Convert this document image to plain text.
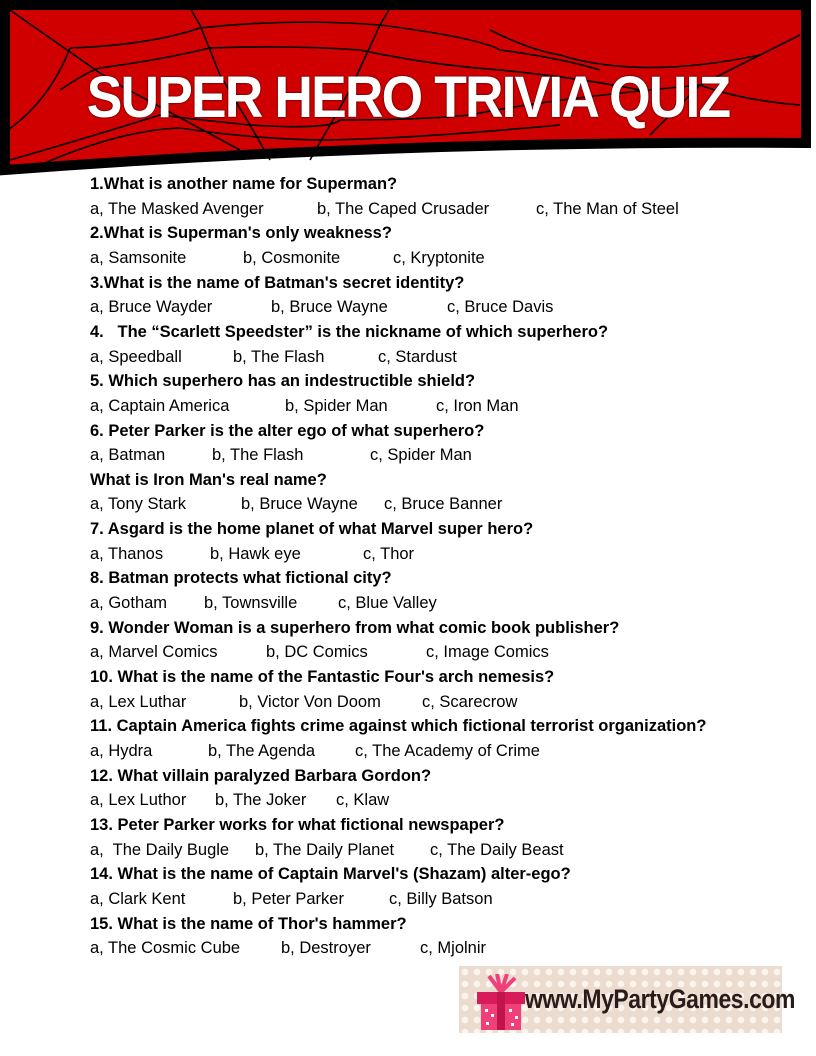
SUPER HERO TRIVIA QUIZ
1.What is another name for Superman?
a, The Masked Avenger	b, The Caped Crusader	c, The Man of Steel
2.What is Superman's only weakness?
a, Samsonite	b, Cosmonite	c, Kryptonite
3.What is the name of Batman's secret identity?
a, Bruce Wayder	b, Bruce Wayne	c, Bruce Davis
4.   The “Scarlett Speedster” is the nickname of which superhero?
a, Speedball	b, The Flash	c, Stardust
5. Which superhero has an indestructible shield?
a, Captain America	b, Spider Man	c, Iron Man
6. Peter Parker is the alter ego of what superhero?
a, Batman	b, The Flash	c, Spider Man
What is Iron Man's real name?
a, Tony Stark	b, Bruce Wayne c, Bruce Banner
7. Asgard is the home planet of what Marvel super hero?
a, Thanos	b, Hawk eye	c, Thor
8. Batman protects what fictional city?
a, Gotham b, Townsville c, Blue Valley
9. Wonder Woman is a superhero from what comic book publisher?
a, Marvel Comics	b, DC Comics	c, Image Comics
10. What is the name of the Fantastic Four's arch nemesis?
a, Lex Luthar	b, Victor Von Doom c, Scarecrow
11. Captain America fights crime against which fictional terrorist organization?
a, Hydra	b, The Agenda c, The Academy of Crime
12. What villain paralyzed Barbara Gordon?
a, Lex Luthor b, The Joker c, Klaw
13. Peter Parker works for what fictional newspaper?
a,  The Daily Bugle b, The Daily Planet c, The Daily Beast
14. What is the name of Captain Marvel's (Shazam) alter-ego?
a, Clark Kent	b, Peter Parker	c, Billy Batson
15. What is the name of Thor's hammer?
a, The Cosmic Cube b, Destroyer	c, Mjolnir
www.MyPartyGames.com
